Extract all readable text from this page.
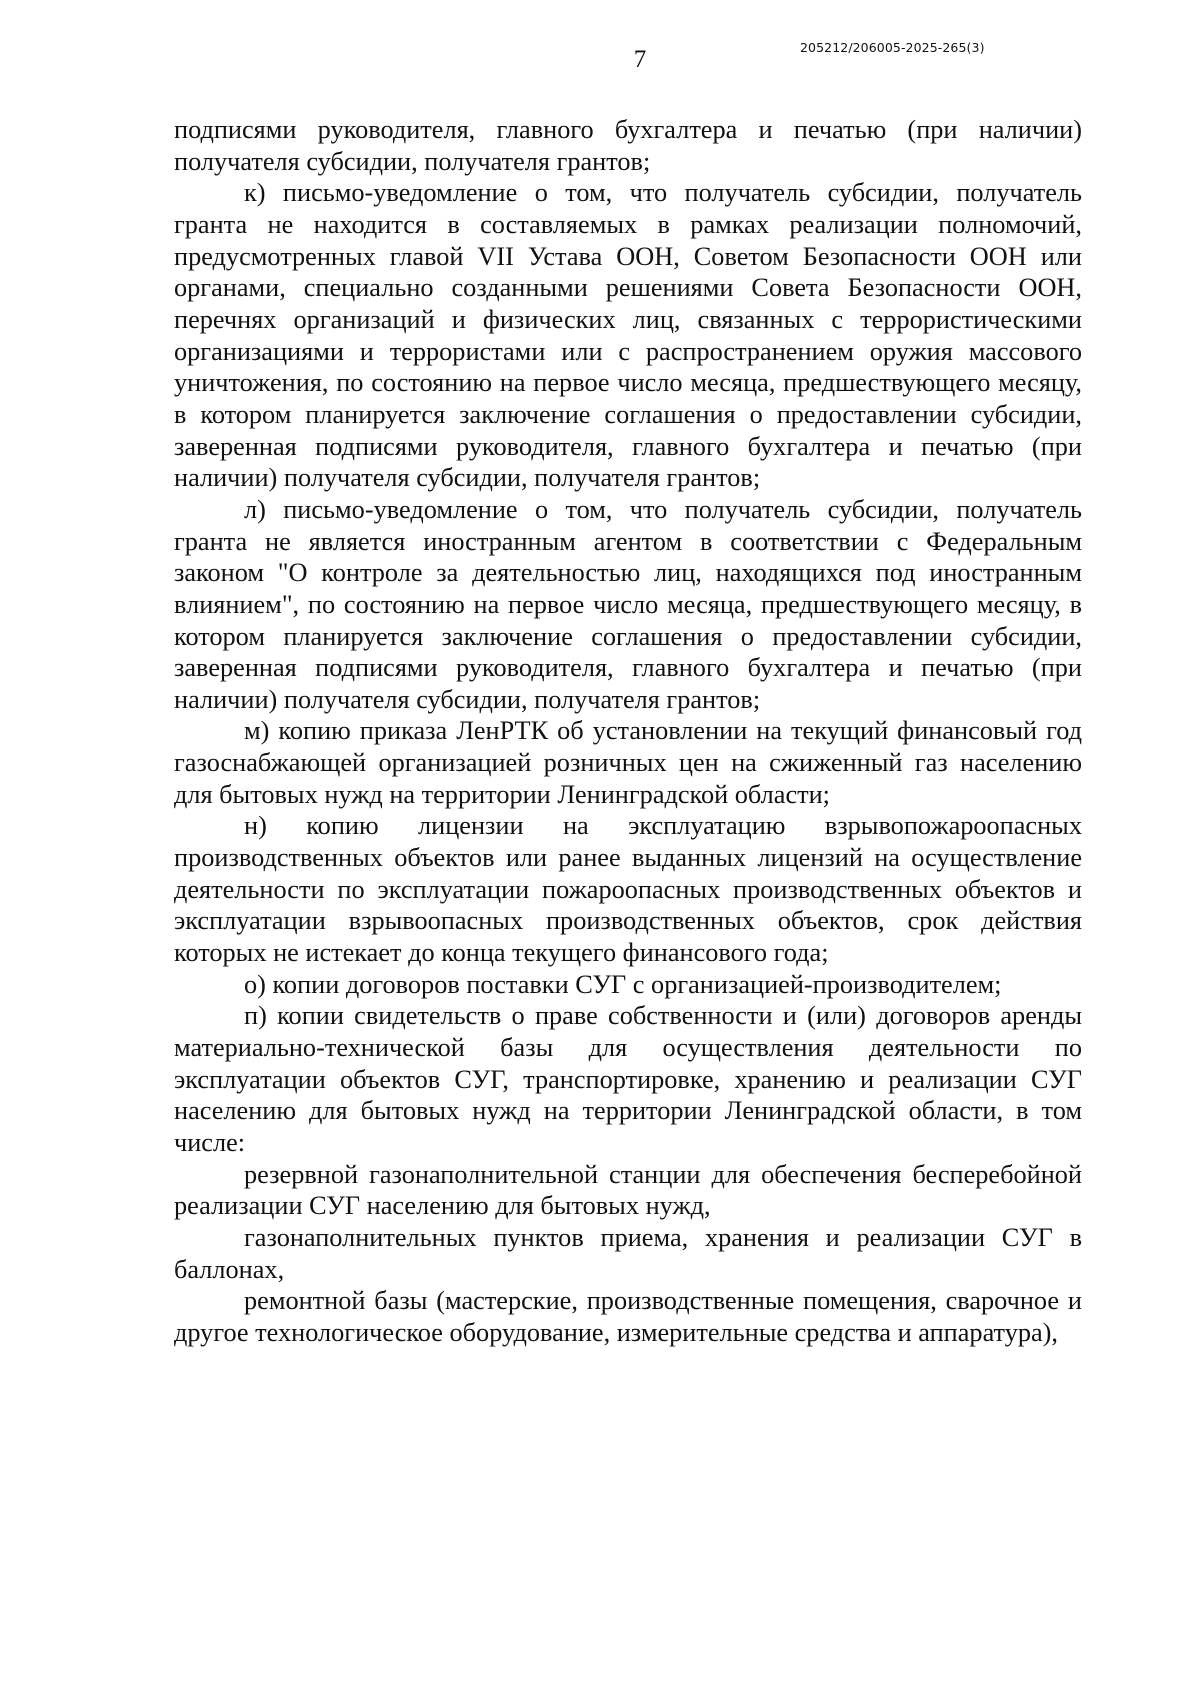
7	205212/206005-2025-265(3)

подписями руководителя, главного бухгалтера и печатью (при наличии) получателя субсидии, получателя грантов;

к) письмо-уведомление о том, что получатель субсидии, получатель гранта не находится в составляемых в рамках реализации полномочий, предусмотренных главой VII Устава ООН, Советом Безопасности ООН или органами, специально созданными решениями Совета Безопасности ООН, перечнях организаций и физических лиц, связанных с террористическими организациями и террористами или с распространением оружия массового уничтожения, по состоянию на первое число месяца, предшествующего месяцу, в котором планируется заключение соглашения о предоставлении субсидии, заверенная подписями руководителя, главного бухгалтера и печатью (при наличии) получателя субсидии, получателя грантов;

л) письмо-уведомление о том, что получатель субсидии, получатель гранта не является иностранным агентом в соответствии с Федеральным законом "О контроле за деятельностью лиц, находящихся под иностранным влиянием", по состоянию на первое число месяца, предшествующего месяцу, в котором планируется заключение соглашения о предоставлении субсидии, заверенная подписями руководителя, главного бухгалтера и печатью (при наличии) получателя субсидии, получателя грантов;

м) копию приказа ЛенРТК об установлении на текущий финансовый год газоснабжающей организацией розничных цен на сжиженный газ населению для бытовых нужд на территории Ленинградской области;

н) копию лицензии на эксплуатацию взрывопожароопасных производственных объектов или ранее выданных лицензий на осуществление деятельности по эксплуатации пожароопасных производственных объектов и эксплуатации взрывоопасных производственных объектов, срок действия которых не истекает до конца текущего финансового года;

о) копии договоров поставки СУГ с организацией-производителем;

п) копии свидетельств о праве собственности и (или) договоров аренды материально-технической базы для осуществления деятельности по эксплуатации объектов СУГ, транспортировке, хранению и реализации СУГ населению для бытовых нужд на территории Ленинградской области, в том числе:

резервной газонаполнительной станции для обеспечения бесперебойной реализации СУГ населению для бытовых нужд,

газонаполнительных пунктов приема, хранения и реализации СУГ в баллонах,

ремонтной базы (мастерские, производственные помещения, сварочное и другое технологическое оборудование, измерительные средства и аппаратура),
